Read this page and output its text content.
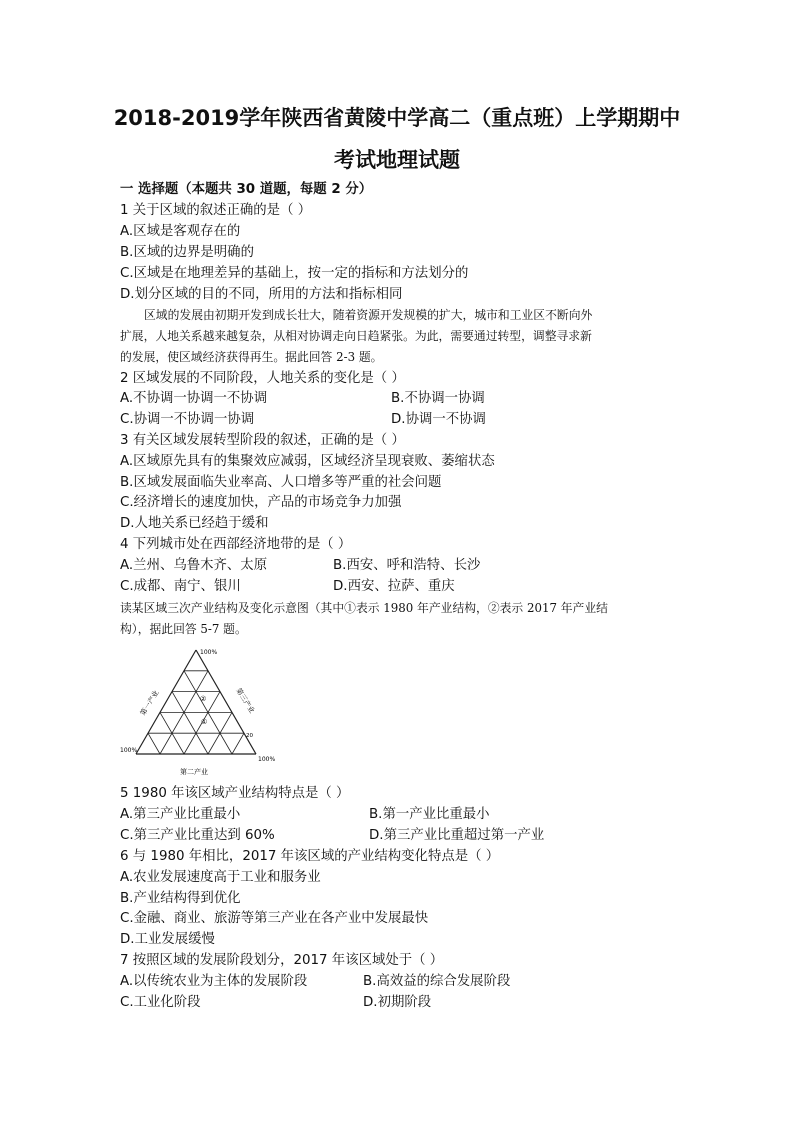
2018-2019学年陕西省黄陵中学高二（重点班）上学期期中
考试地理试题
一 选择题（本题共 30 道题，每题 2 分）
1 关于区域的叙述正确的是（ ）
A.区域是客观存在的
B.区域的边界是明确的
C.区域是在地理差异的基础上，按一定的指标和方法划分的
D.划分区域的目的不同，所用的方法和指标相同
区域的发展由初期开发到成长壮大，随着资源开发规模的扩大，城市和工业区不断向外
扩展，人地关系越来越复杂，从相对协调走向日趋紧张。为此，需要通过转型，调整寻求新
的发展，使区域经济获得再生。据此回答 2-3 题。
2 区域发展的不同阶段，人地关系的变化是（ ）
A.不协调一协调一不协调	B.不协调一协调
C.协调一不协调一协调	D.协调一不协调
3 有关区域发展转型阶段的叙述，正确的是（ ）
A.区域原先具有的集聚效应减弱，区域经济呈现衰败、萎缩状态
B.区域发展面临失业率高、人口增多等严重的社会问题
C.经济增长的速度加快，产品的市场竞争力加强
D.人地关系已经趋于缓和
4 下列城市处在西部经济地带的是（ ）
A.兰州、乌鲁木齐、太原	B.西安、呼和浩特、长沙
C.成都、南宁、银川	D.西安、拉萨、重庆
读某区域三次产业结构及变化示意图（其中①表示 1980 年产业结构，②表示 2017 年产业结
构），据此回答 5-7 题。
100%
100%
100%
20
第一产业	第三产业
第二产业
②
①
5 1980 年该区域产业结构特点是（ ）
A.第三产业比重最小	B.第一产业比重最小
C.第三产业比重达到 60%	D.第三产业比重超过第一产业
6 与 1980 年相比，2017 年该区域的产业结构变化特点是（ ）
A.农业发展速度高于工业和服务业
B.产业结构得到优化
C.金融、商业、旅游等第三产业在各产业中发展最快
D.工业发展缓慢
7 按照区域的发展阶段划分，2017 年该区域处于（ ）
A.以传统农业为主体的发展阶段	B.高效益的综合发展阶段
C.工业化阶段	D.初期阶段
